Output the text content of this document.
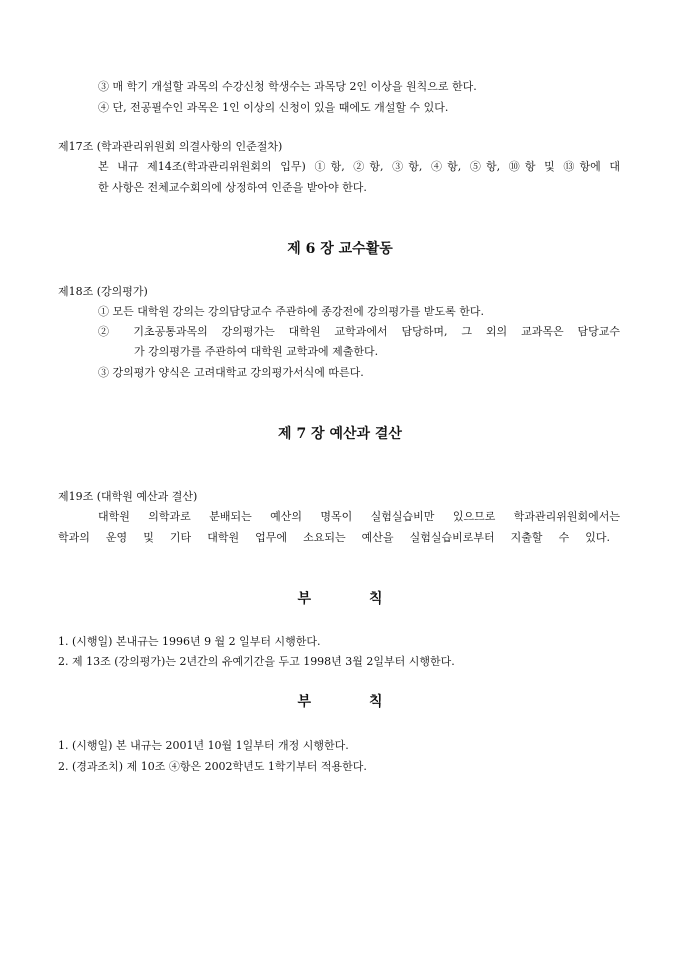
③ 매 학기 개설할 과목의 수강신청 학생수는 과목당 2인 이상을 원칙으로 한다.
④ 단, 전공필수인 과목은 1인 이상의 신청이 있을 때에도 개설할 수 있다.
제17조 (학과관리위원회 의결사항의 인준절차)
본 내규 제14조(학과관리위원회의 입무) ①항, ②항, ③항, ④항, ⑤항, ⑩항 및 ⑬항에 대
한 사항은 전체교수회의에 상정하여 인준을 받아야 한다.
제 6 장 교수활동
제18조 (강의평가)
① 모든 대학원 강의는 강의담당교수 주관하에 종강전에 강의평가를 받도록 한다.
② 기초공통과목의 강의평가는 대학원 교학과에서 담당하며, 그 외의 교과목은 담당교수
가 강의평가를 주관하여 대학원 교학과에 제출한다.
③ 강의평가 양식은 고려대학교 강의평가서식에 따른다.
제 7 장 예산과 결산
제19조 (대학원 예산과 결산)
대학원 의학과로 분배되는 예산의 명목이 실험실습비만 있으므로 학과관리위원회에서는
학과의 운영 및 기타 대학원 업무에 소요되는 예산을 실험실습비로부터 지출할 수 있다.
부	칙
1. (시행일) 본내규는 1996년 9 월 2 일부터 시행한다.
2. 제 13조 (강의평가)는 2년간의 유예기간을 두고 1998년 3월 2일부터 시행한다.
부	칙
1. (시행일) 본 내규는 2001년 10월 1일부터 개정 시행한다.
2. (경과조치) 제 10조 ④항은 2002학년도 1학기부터 적용한다.
